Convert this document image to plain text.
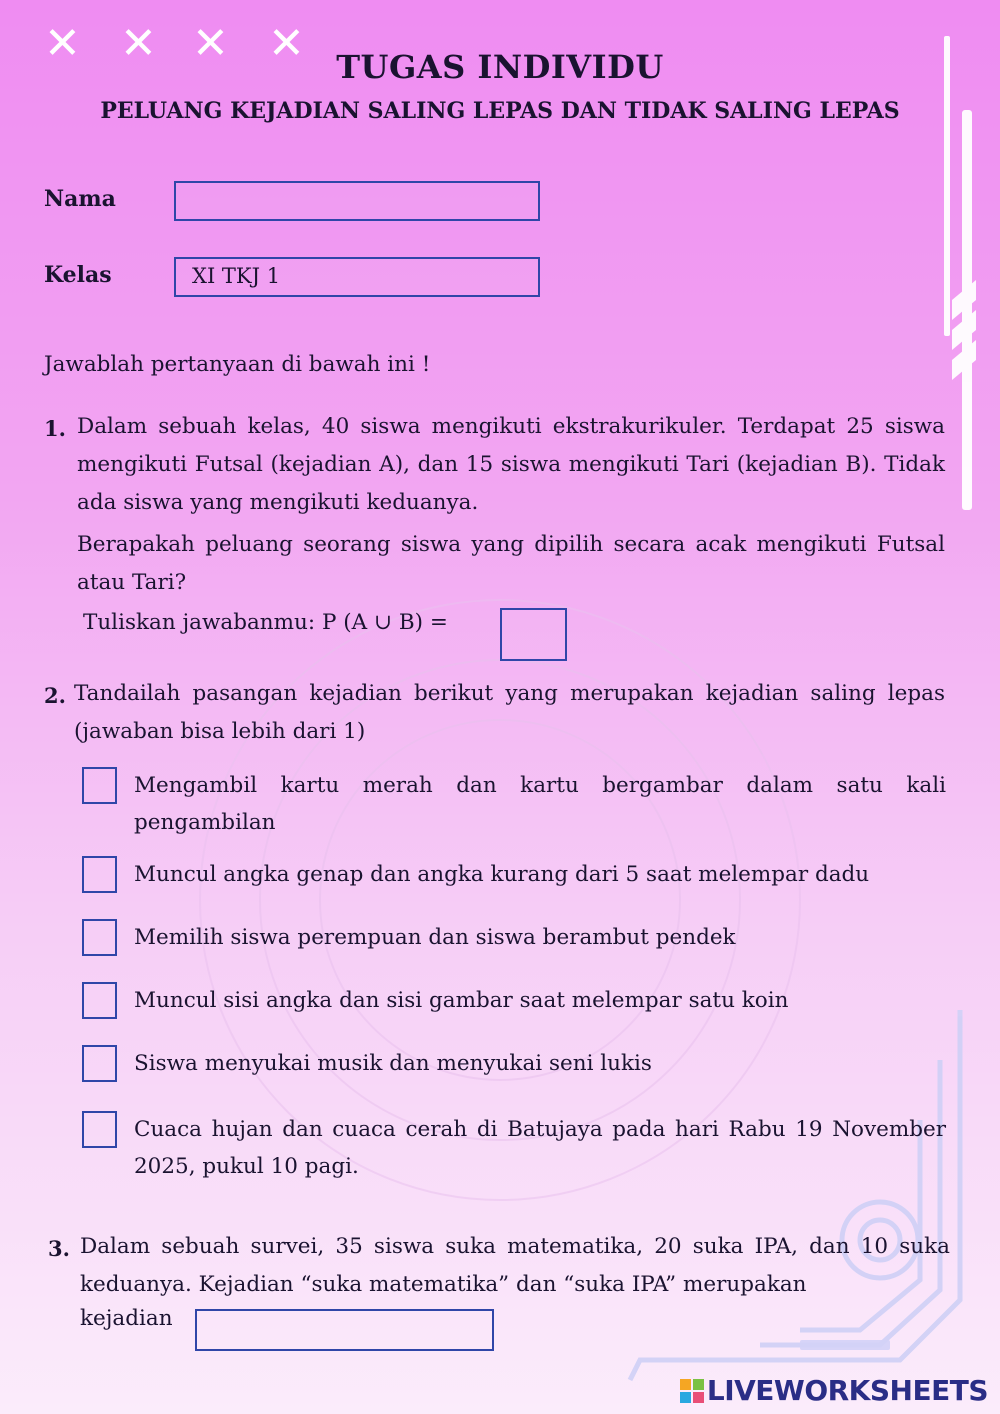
✕ ✕ ✕ ✕ TUGAS INDIVIDU
PELUANG KEJADIAN SALING LEPAS DAN TIDAK SALING LEPAS
Nama
Kelas	XI TKJ 1
Jawablah pertanyaan di bawah ini !
1. Dalam sebuah kelas, 40 siswa mengikuti ekstrakurikuler. Terdapat 25 siswa mengikuti Futsal (kejadian A), dan 15 siswa mengikuti Tari (kejadian B). Tidak ada siswa yang mengikuti keduanya.
Berapakah peluang seorang siswa yang dipilih secara acak mengikuti Futsal atau Tari?
Tuliskan jawabanmu: P (A ∪ B) =
2. Tandailah pasangan kejadian berikut yang merupakan kejadian saling lepas (jawaban bisa lebih dari 1)
Mengambil kartu merah dan kartu bergambar dalam satu kali pengambilan
Muncul angka genap dan angka kurang dari 5 saat melempar dadu
Memilih siswa perempuan dan siswa berambut pendek
Muncul sisi angka dan sisi gambar saat melempar satu koin
Siswa menyukai musik dan menyukai seni lukis
Cuaca hujan dan cuaca cerah di Batujaya pada hari Rabu 19 November 2025, pukul 10 pagi.
3. Dalam sebuah survei, 35 siswa suka matematika, 20 suka IPA, dan 10 suka keduanya. Kejadian “suka matematika” dan “suka IPA” merupakan
kejadian
LIVEWORKSHEETS
